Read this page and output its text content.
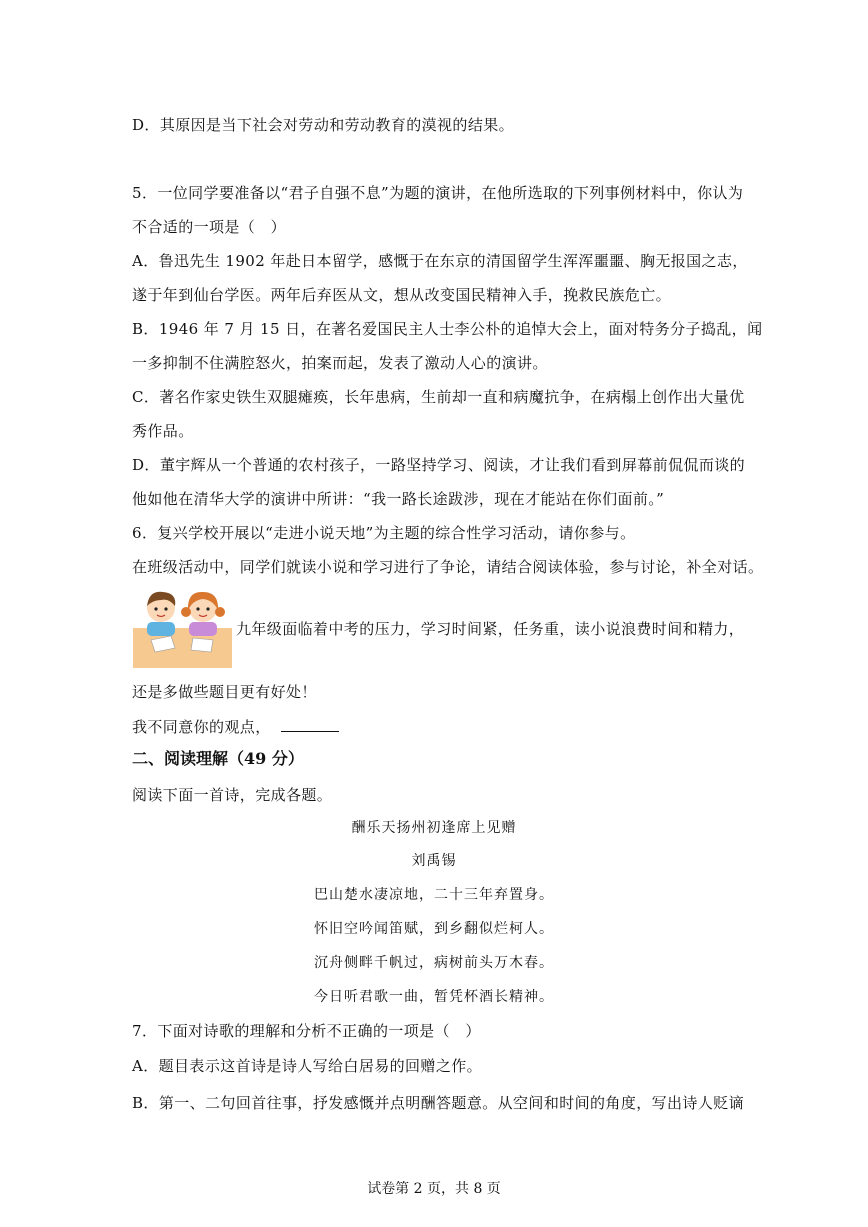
D．其原因是当下社会对劳动和劳动教育的漠视的结果。
5．一位同学要准备以“君子自强不息”为题的演讲，在他所选取的下列事例材料中，你认为
不合适的一项是（　）
A．鲁迅先生 1902 年赴日本留学，感慨于在东京的清国留学生浑浑噩噩、胸无报国之志，
遂于年到仙台学医。两年后弃医从文，想从改变国民精神入手，挽救民族危亡。
B．1946 年 7 月 15 日，在著名爱国民主人士李公朴的追悼大会上，面对特务分子捣乱，闻
一多抑制不住满腔怒火，拍案而起，发表了激动人心的演讲。
C．著名作家史铁生双腿瘫痪，长年患病，生前却一直和病魔抗争，在病榻上创作出大量优
秀作品。
D．董宇辉从一个普通的农村孩子，一路坚持学习、阅读，才让我们看到屏幕前侃侃而谈的
他如他在清华大学的演讲中所讲：“我一路长途跋涉，现在才能站在你们面前。”
6．复兴学校开展以“走进小说天地”为主题的综合性学习活动，请你参与。
在班级活动中，同学们就读小说和学习进行了争论，请结合阅读体验，参与讨论，补全对话。
九年级面临着中考的压力，学习时间紧，任务重，读小说浪费时间和精力，
还是多做些题目更有好处！
我不同意你的观点，
二、阅读理解（49 分）
阅读下面一首诗，完成各题。
酬乐天扬州初逢席上见赠
刘禹锡
巴山楚水凄凉地，二十三年弃置身。
怀旧空吟闻笛赋，到乡翻似烂柯人。
沉舟侧畔千帆过，病树前头万木春。
今日听君歌一曲，暂凭杯酒长精神。
7．下面对诗歌的理解和分析不正确的一项是（　）
A．题目表示这首诗是诗人写给白居易的回赠之作。
B．第一、二句回首往事，抒发感慨并点明酬答题意。从空间和时间的角度，写出诗人贬谪
试卷第 2 页，共 8 页
